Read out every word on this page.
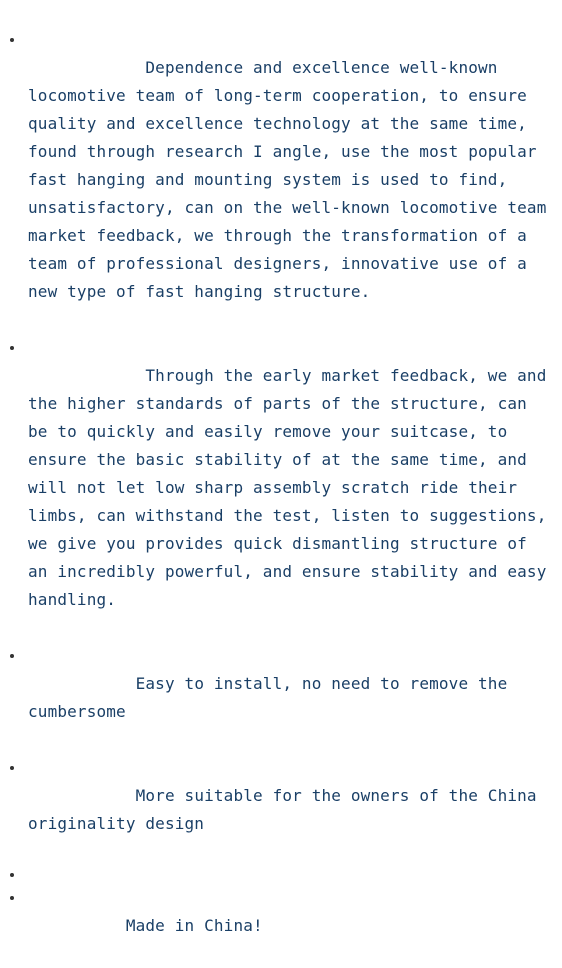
Dependence and excellence well-known locomotive team of long-term cooperation, to ensure quality and excellence technology at the same time, found through research I angle, use the most popular fast hanging and mounting system is used to find, unsatisfactory, can on the well-known locomotive team market feedback, we through the transformation of a team of professional designers, innovative use of a new type of fast hanging structure.

Through the early market feedback, we and the higher standards of parts of the structure, can be to quickly and easily remove your suitcase, to ensure the basic stability of at the same time, and will not let low sharp assembly scratch ride their limbs, can withstand the test, listen to suggestions, we give you provides quick dismantling structure of an incredibly powerful, and ensure stability and easy handling.

Easy to install, no need to remove the cumbersome

More suitable for the owners of the China originality design

Made in China!
